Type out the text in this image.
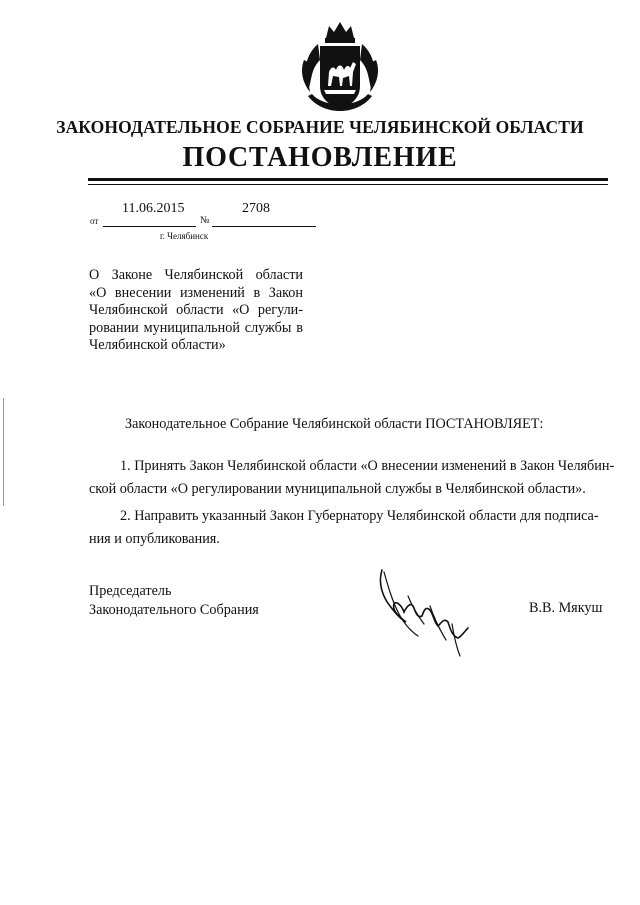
ЗАКОНОДАТЕЛЬНОЕ СОБРАНИЕ ЧЕЛЯБИНСКОЙ ОБЛАСТИ
ПОСТАНОВЛЕНИЕ
от
11.06.2015
№
2708
г. Челябинск
О Законе Челябинской области
«О внесении изменений в Закон
Челябинской области «О регули-
ровании муниципальной службы в
Челябинской области»
Законодательное Собрание Челябинской области ПОСТАНОВЛЯЕТ:
1. Принять Закон Челябинской области «О внесении изменений в Закон Челябин-
ской области «О регулировании муниципальной службы в Челябинской области».
2. Направить указанный Закон Губернатору Челябинской области для подписа-
ния и опубликования.
Председатель
Законодательного Собрания	В.В. Мякуш
